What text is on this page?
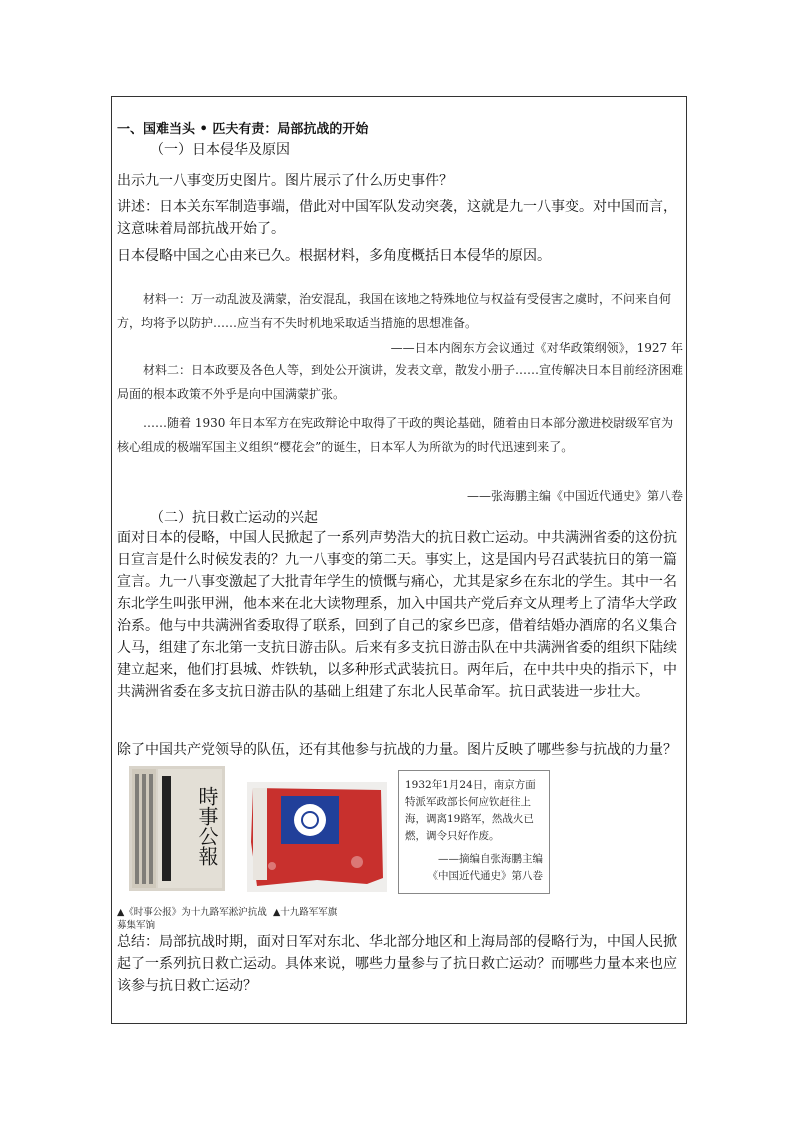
一、国难当头 • 匹夫有责：局部抗战的开始

（一）日本侵华及原因

出示九一八事变历史图片。图片展示了什么历史事件？

讲述：日本关东军制造事端，借此对中国军队发动突袭，这就是九一八事变。对中国而言，这意味着局部抗战开始了。

日本侵略中国之心由来已久。根据材料，多角度概括日本侵华的原因。

材料一：万一动乱波及满蒙，治安混乱，我国在该地之特殊地位与权益有受侵害之虞时，不问来自何方，均将予以防护……应当有不失时机地采取适当措施的思想准备。

——日本内阁东方会议通过《对华政策纲领》，1927 年

材料二：日本政要及各色人等，到处公开演讲，发表文章，散发小册子……宣传解决日本目前经济困难局面的根本政策不外乎是向中国满蒙扩张。

……随着 1930 年日本军方在宪政辩论中取得了干政的舆论基础，随着由日本部分激进校尉级军官为核心组成的极端军国主义组织“樱花会”的诞生，日本军人为所欲为的时代迅速到来了。

——张海鹏主编《中国近代通史》第八卷

（二）抗日救亡运动的兴起

面对日本的侵略，中国人民掀起了一系列声势浩大的抗日救亡运动。中共满洲省委的这份抗日宣言是什么时候发表的？九一八事变的第二天。事实上，这是国内号召武装抗日的第一篇宣言。九一八事变激起了大批青年学生的愤慨与痛心，尤其是家乡在东北的学生。其中一名东北学生叫张甲洲，他本来在北大读物理系，加入中国共产党后弃文从理考上了清华大学政治系。他与中共满洲省委取得了联系，回到了自己的家乡巴彦，借着结婚办酒席的名义集合人马，组建了东北第一支抗日游击队。后来有多支抗日游击队在中共满洲省委的组织下陆续建立起来，他们打县城、炸铁轨，以多种形式武装抗日。两年后，在中共中央的指示下，中共满洲省委在多支抗日游击队的基础上组建了东北人民革命军。抗日武装进一步壮大。

除了中国共产党领导的队伍，还有其他参与抗战的力量。图片反映了哪些参与抗战的力量？

時事公報

▲《时事公报》为十九路军淞沪抗战募集军饷

▲十九路军军旗

1932年1月24日，南京方面特派军政部长何应钦赶往上海，调离19路军，然战火已燃，调令只好作废。
——摘编自张海鹏主编
《中国近代通史》第八卷

总结：局部抗战时期，面对日军对东北、华北部分地区和上海局部的侵略行为，中国人民掀起了一系列抗日救亡运动。具体来说，哪些力量参与了抗日救亡运动？而哪些力量本来也应该参与抗日救亡运动？
